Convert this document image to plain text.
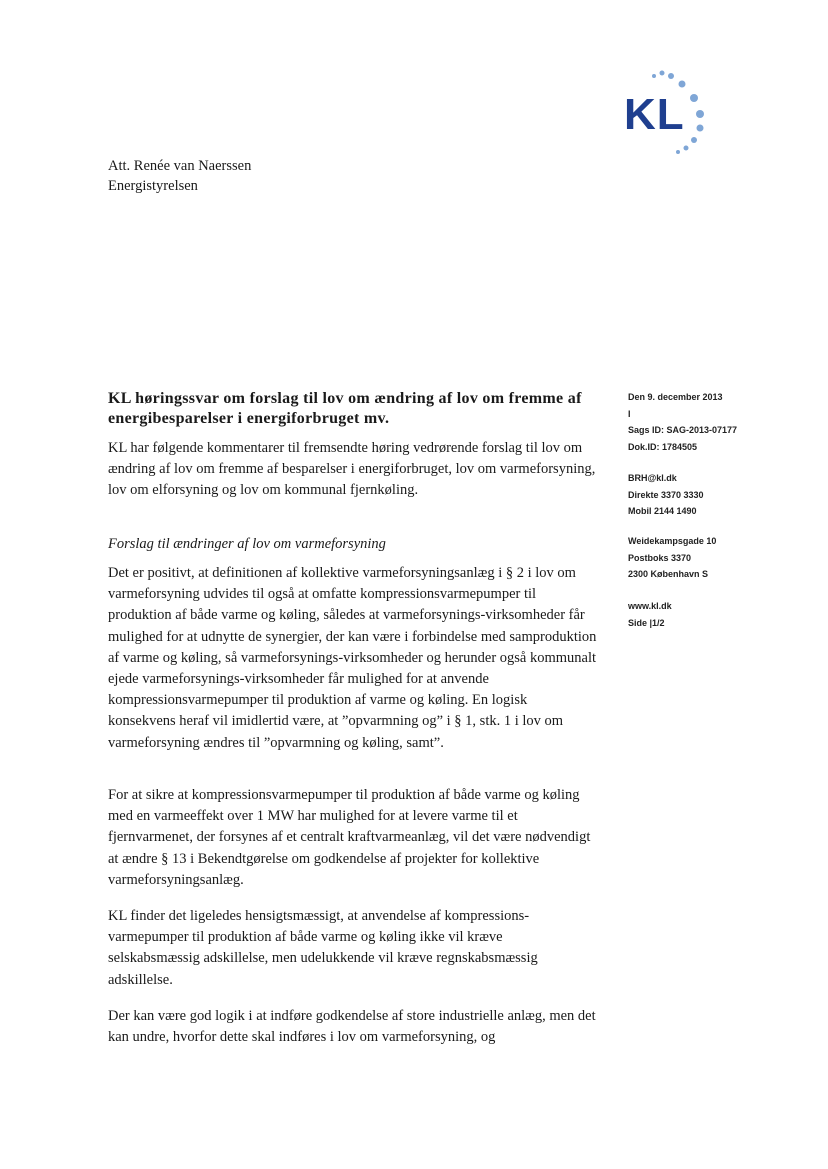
KL
Att. Renée van Naerssen
Energistyrelsen
KL høringssvar om forslag til lov om ændring af lov om fremme af energibesparelser i energiforbruget mv.
KL har følgende kommentarer til fremsendte høring vedrørende forslag til lov om ændring af lov om fremme af besparelser i energiforbruget, lov om varmeforsyning, lov om elforsyning og lov om kommunal fjernkøling.
Forslag til ændringer af lov om varmeforsyning
Det er positivt, at definitionen af kollektive varmeforsyningsanlæg i § 2 i lov om varmeforsyning udvides til også at omfatte kompressionsvarmepumper til produktion af både varme og køling, således at varmeforsynings-virksomheder får mulighed for at udnytte de synergier, der kan være i forbindelse med samproduktion af varme og køling, så varmeforsynings-virksomheder og herunder også kommunalt ejede varmeforsynings-virksomheder får mulighed for at anvende kompressionsvarmepumper til produktion af varme og køling. En logisk konsekvens heraf vil imidlertid være, at ”opvarmning og” i § 1, stk. 1 i lov om varmeforsyning ændres til ”opvarmning og køling, samt”.
For at sikre at kompressionsvarmepumper til produktion af både varme og køling med en varmeeffekt over 1 MW har mulighed for at levere varme til et fjernvarmenet, der forsynes af et centralt kraftvarmeanlæg, vil det være nødvendigt at ændre § 13 i Bekendtgørelse om godkendelse af projekter for kollektive varmeforsyningsanlæg.
KL finder det ligeledes hensigtsmæssigt, at anvendelse af kompressions-varmepumper til produktion af både varme og køling ikke vil kræve selskabsmæssig adskillelse, men udelukkende vil kræve regnskabsmæssig adskillelse.
Der kan være god logik i at indføre godkendelse af store industrielle anlæg, men det kan undre, hvorfor dette skal indføres i lov om varmeforsyning, og
Den 9. december 2013
I
Sags ID: SAG-2013-07177
Dok.ID: 1784505
BRH@kl.dk
Direkte 3370 3330
Mobil 2144 1490
Weidekampsgade 10
Postboks 3370
2300 København S
www.kl.dk
Side |1/2
